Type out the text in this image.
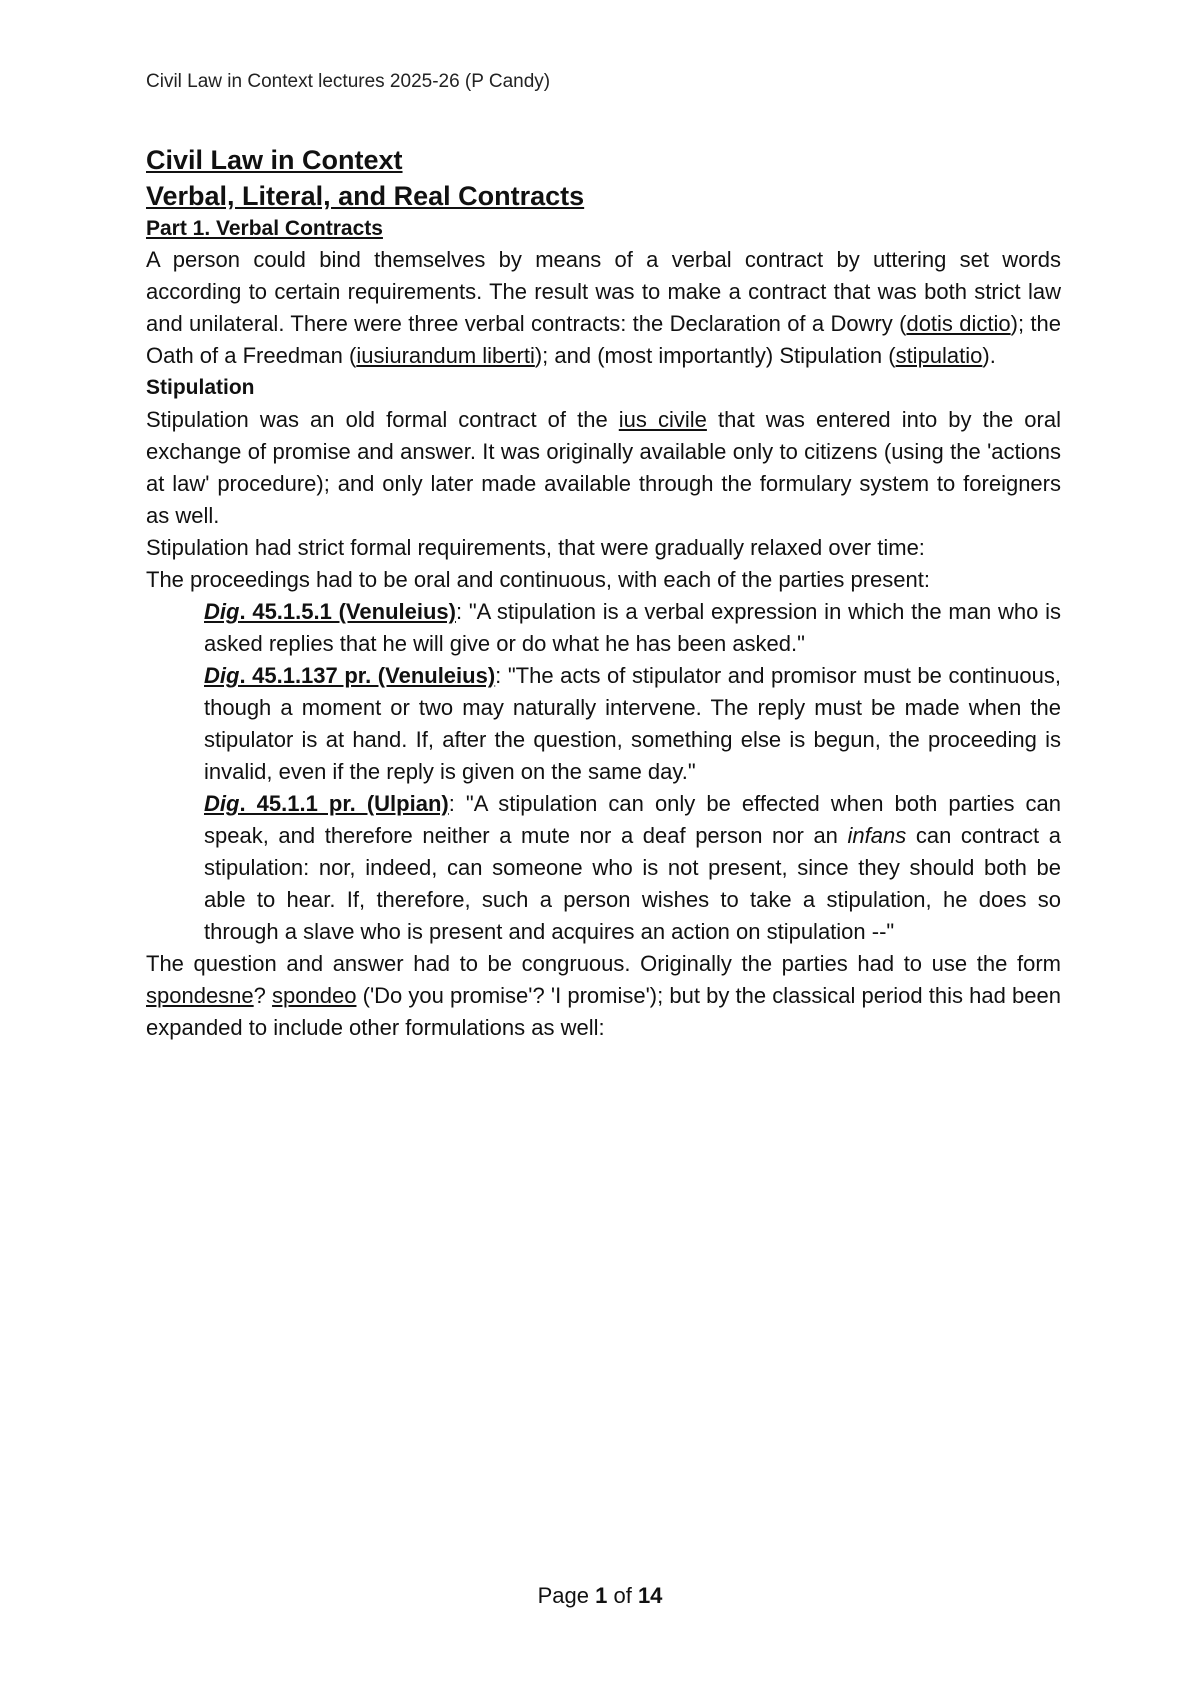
Civil Law in Context lectures 2025-26 (P Candy)

Civil Law in Context

Verbal, Literal, and Real Contracts

Part 1. Verbal Contracts

A person could bind themselves by means of a verbal contract by uttering set words according to certain requirements. The result was to make a contract that was both strict law and unilateral. There were three verbal contracts: the Declaration of a Dowry (dotis dictio); the Oath of a Freedman (iusiurandum liberti); and (most importantly) Stipulation (stipulatio).

Stipulation

Stipulation was an old formal contract of the ius civile that was entered into by the oral exchange of promise and answer. It was originally available only to citizens (using the 'actions at law' procedure); and only later made available through the formulary system to foreigners as well.

Stipulation had strict formal requirements, that were gradually relaxed over time:

The proceedings had to be oral and continuous, with each of the parties present:

Dig. 45.1.5.1 (Venuleius): "A stipulation is a verbal expression in which the man who is asked replies that he will give or do what he has been asked."

Dig. 45.1.137 pr. (Venuleius): "The acts of stipulator and promisor must be continuous, though a moment or two may naturally intervene. The reply must be made when the stipulator is at hand. If, after the question, something else is begun, the proceeding is invalid, even if the reply is given on the same day."

Dig. 45.1.1 pr. (Ulpian): "A stipulation can only be effected when both parties can speak, and therefore neither a mute nor a deaf person nor an infans can contract a stipulation: nor, indeed, can someone who is not present, since they should both be able to hear. If, therefore, such a person wishes to take a stipulation, he does so through a slave who is present and acquires an action on stipulation --"

The question and answer had to be congruous. Originally the parties had to use the form spondesne? spondeo ('Do you promise'? 'I promise'); but by the classical period this had been expanded to include other formulations as well:

Page 1 of 14
